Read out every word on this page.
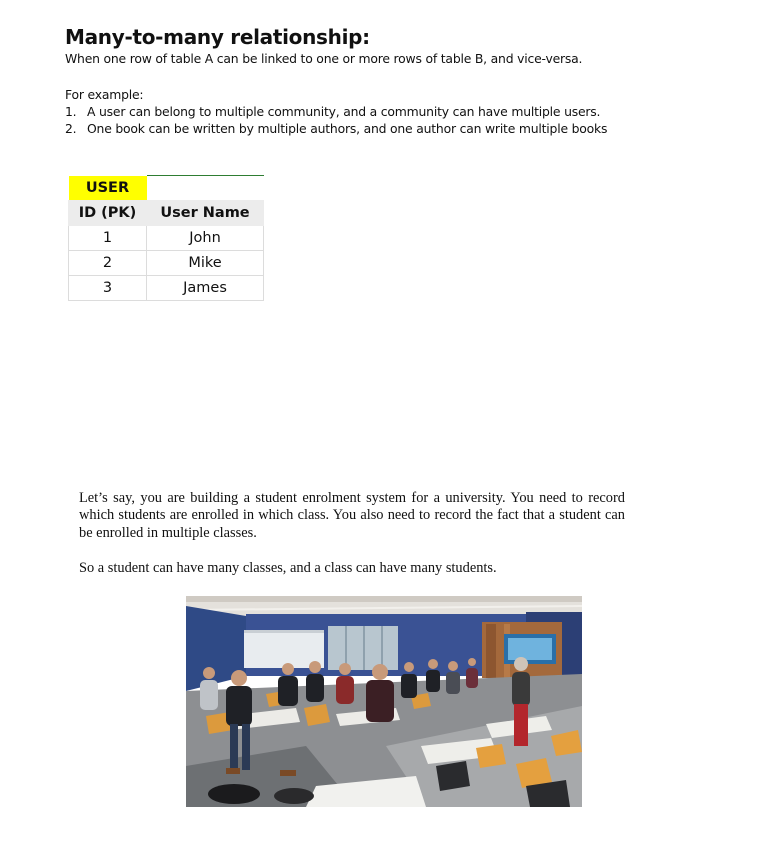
Many-to-many relationship:
When one row of table A can be linked to one or more rows of table B, and vice-versa.
For example:
1. A user can belong to multiple community, and a community can have multiple users.
2. One book can be written by multiple authors, and one author can write multiple books
USER	
ID (PK)	User Name
1	John
2	Mike
3	James
Let’s say, you are building a student enrolment system for a university. You need to record which students are enrolled in which class. You also need to record the fact that a student can be enrolled in multiple classes.
So a student can have many classes, and a class can have many students.
